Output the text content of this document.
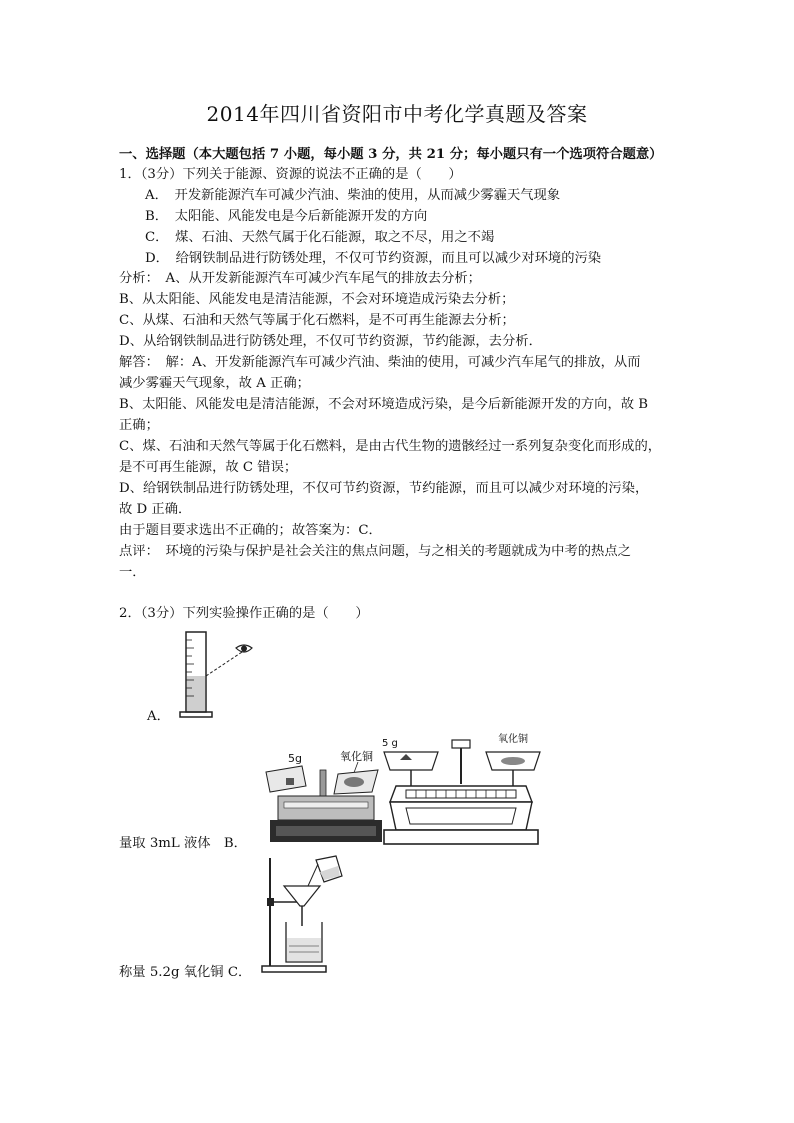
2014年四川省资阳市中考化学真题及答案
一、选择题（本大题包括 7 小题，每小题 3 分，共 21 分；每小题只有一个选项符合题意）
1．（3分）下列关于能源、资源的说法不正确的是（　　）
A．　开发新能源汽车可减少汽油、柴油的使用，从而减少雾霾天气现象
B．　太阳能、风能发电是今后新能源开发的方向
C．　煤、石油、天然气属于化石能源，取之不尽，用之不竭
D．　给钢铁制品进行防锈处理，不仅可节约资源，而且可以减少对环境的污染
分析：　A、从开发新能源汽车可减少汽车尾气的排放去分析；
B、从太阳能、风能发电是清洁能源，不会对环境造成污染去分析；
C、从煤、石油和天然气等属于化石燃料，是不可再生能源去分析；
D、从给钢铁制品进行防锈处理，不仅可节约资源，节约能源，去分析．
解答：　解：A、开发新能源汽车可减少汽油、柴油的使用，可减少汽车尾气的排放，从而
减少雾霾天气现象，故 A 正确；
B、太阳能、风能发电是清洁能源，不会对环境造成污染，是今后新能源开发的方向，故 B
正确；
C、煤、石油和天然气等属于化石燃料，是由古代生物的遗骸经过一系列复杂变化而形成的，
是不可再生能源，故 C 错误；
D、给钢铁制品进行防锈处理，不仅可节约资源，节约能源，而且可以减少对环境的污染，
故 D 正确．
由于题目要求选出不正确的；故答案为：C．
点评：　环境的污染与保护是社会关注的焦点问题，与之相关的考题就成为中考的热点之
一．
2．（3分）下列实验操作正确的是（　　）
A．
5g	氧化铜
5 g	氧化铜
量取 3mL 液体　B．
称量 5.2g 氧化铜 C．
